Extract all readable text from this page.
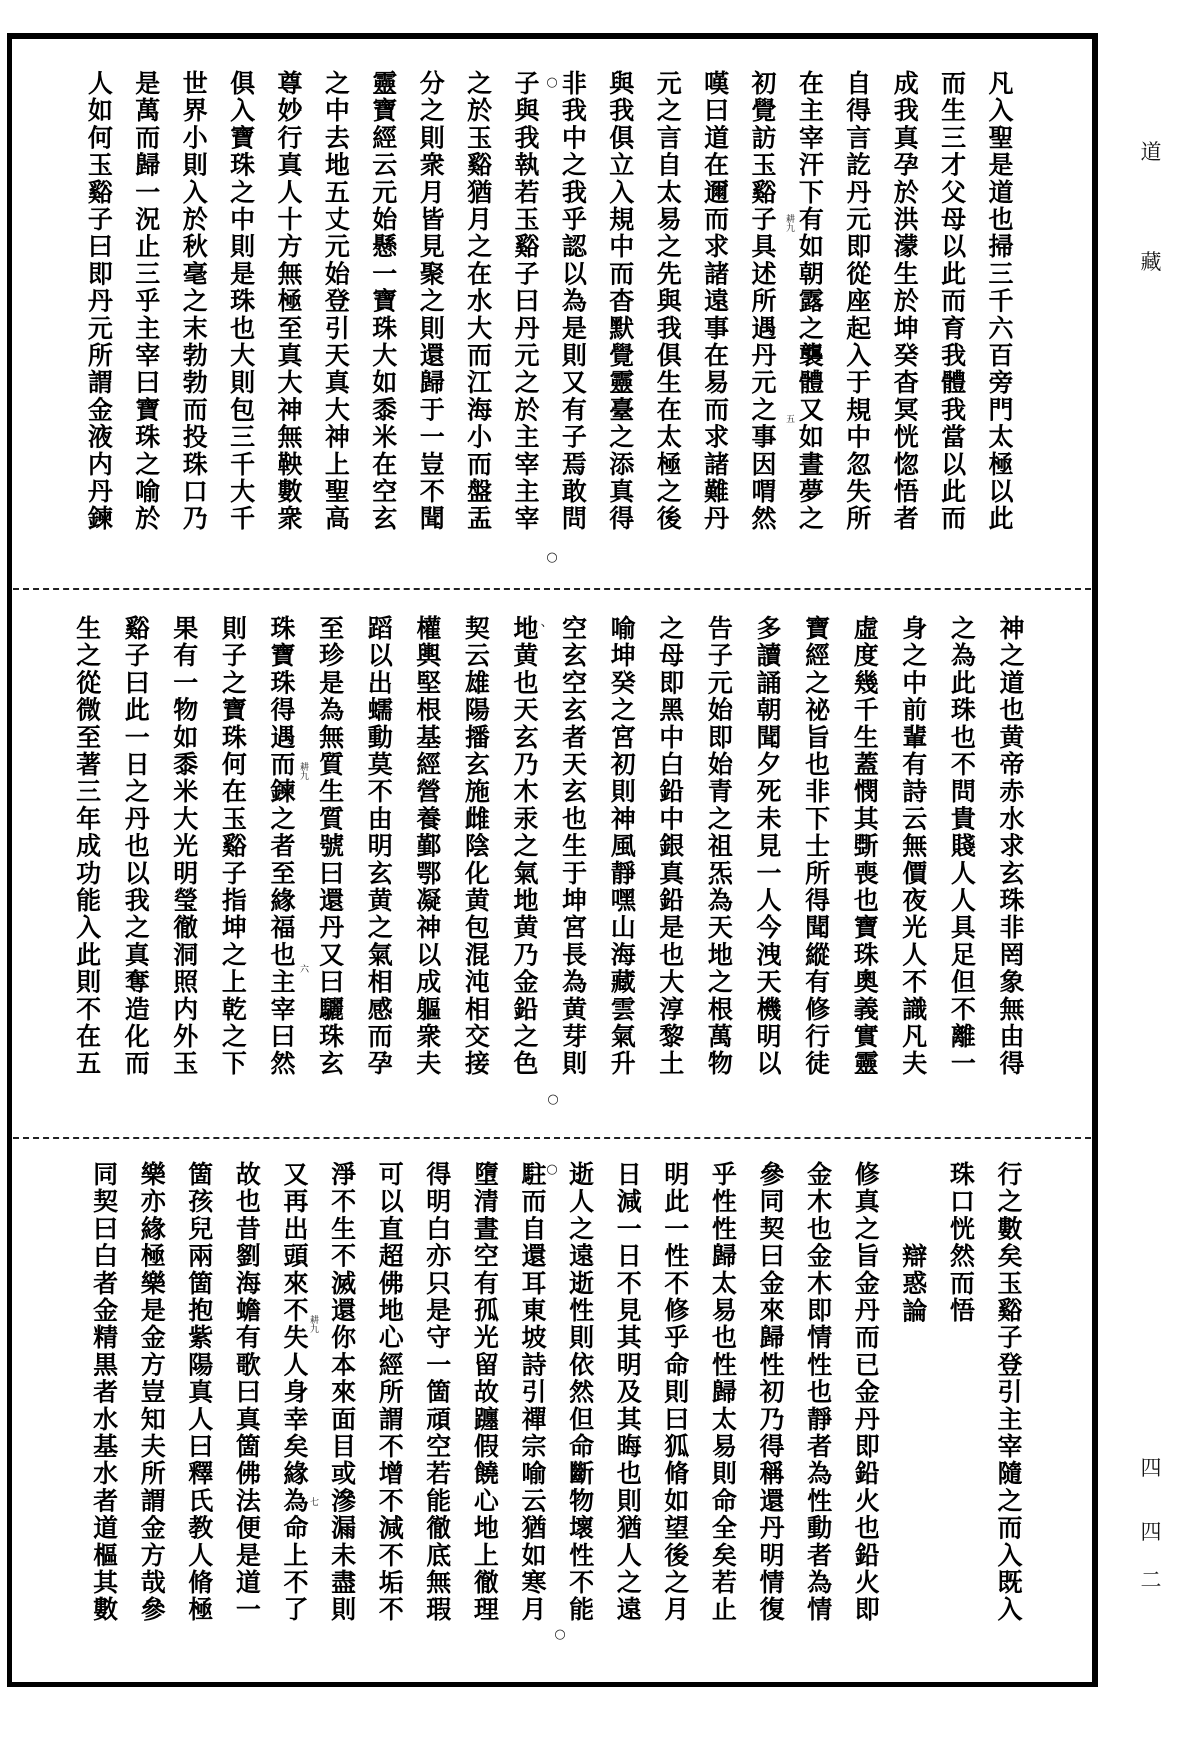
道
藏
四
四
二
凡入聖是道也掃三千六百旁門太極以此
而生三才父母以此而育我體我當以此而
成我真孕於洪濛生於坤癸杳冥恍惚悟者
自得言訖丹元即從座起入于規中忽失所
在主宰汗下有如朝露之襲體又如晝夢之
初覺訪玉谿子具述所遇丹元之事因喟然
嘆曰道在邇而求諸遠事在易而求諸難丹
元之言自太易之先與我俱生在太極之後
與我俱立入規中而杳默覺靈臺之添真得
非我中之我乎認以為是則又有子焉敢問
子與我執若玉谿子曰丹元之於主宰主宰
之於玉谿猶月之在水大而江海小而盤盂
分之則衆月皆見聚之則還歸于一豈不聞
靈寶經云元始懸一寶珠大如黍米在空玄
之中去地五丈元始登引天真大神上聖高
尊妙行真人十方無極至真大神無鞅數衆
俱入寶珠之中則是珠也大則包三千大千
世界小則入於秋毫之末勃勃而投珠口乃
是萬而歸一況止三乎主宰曰寶珠之喻於
人如何玉谿子曰即丹元所謂金液内丹鍊	耕九
五
○
○
神之道也黄帝赤水求玄珠非罔象無由得
之為此珠也不問貴賤人人具足但不離一
身之中前輩有詩云無價夜光人不識凡夫
虛度幾千生蓋憫其斲喪也寶珠奧義實靈
寶經之祕旨也非下士所得聞縱有修行徒
多讀誦朝聞夕死未見一人今洩天機明以
告子元始即始青之祖炁為天地之根萬物
之母即黑中白鉛中銀真鉛是也大淳黎土
喻坤癸之宮初則神風靜嘿山海藏雲氣升
空玄空玄者天玄也生于坤宮長為黄芽則
地黄也天玄乃木汞之氣地黄乃金鉛之色
契云雄陽播玄施雌陰化黄包混沌相交接
權輿堅根基經營養鄞鄂凝神以成軀衆夫
蹈以出蠕動莫不由明玄黄之氣相感而孕
至珍是為無質生質號曰還丹又曰驪珠玄
珠寶珠得遇而鍊之者至緣福也主宰曰然
則子之寶珠何在玉谿子指坤之上乾之下
果有一物如黍米大光明瑩徹洞照内外玉
谿子曰此一日之丹也以我之真奪造化而
生之從微至著三年成功能入此則不在五	耕九
六
、
○
行之數矣玉谿子登引主宰隨之而入既入
珠口恍然而悟
辯惑論
修真之旨金丹而已金丹即鉛火也鉛火即
金木也金木即情性也靜者為性動者為情
參同契曰金來歸性初乃得稱還丹明情復
乎性性歸太易也性歸太易則命全矣若止
明此一性不修乎命則曰狐脩如望後之月
日減一日不見其明及其晦也則猶人之遠
逝人之遠逝性則依然但命斷物壞性不能
駐而自還耳東坡詩引禪宗喻云猶如寒月
墮清晝空有孤光留故躔假饒心地上徹理
得明白亦只是守一箇頑空若能徹底無瑕
可以直超佛地心經所謂不增不減不垢不
淨不生不滅還你本來面目或滲漏未盡則
又再出頭來不失人身幸矣緣為命上不了
故也昔劉海蟾有歌曰真箇佛法便是道一
箇孩兒兩箇抱紫陽真人曰釋氏教人脩極
樂亦緣極樂是金方豈知夫所謂金方哉參
同契曰白者金精黒者水基水者道樞其數	耕九
七
○
○
